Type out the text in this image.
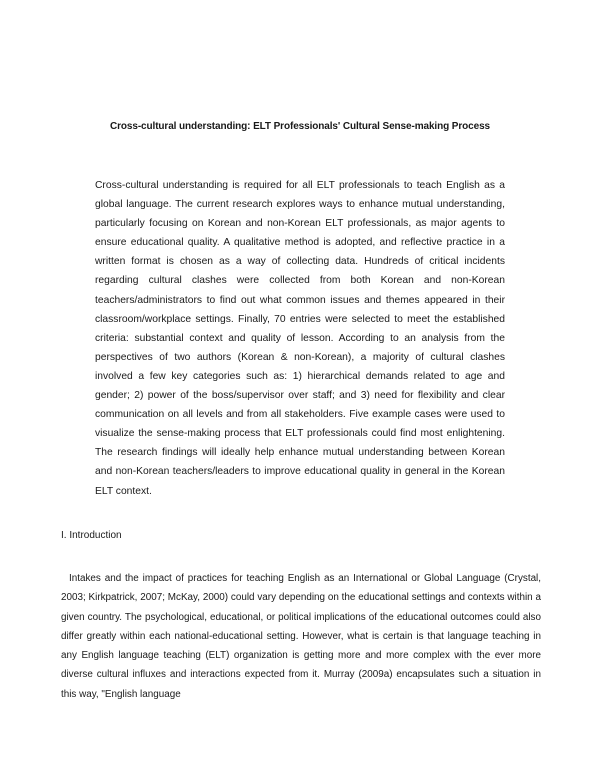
Cross-cultural understanding: ELT Professionals' Cultural Sense-making Process

Cross-cultural understanding is required for all ELT professionals to teach English as a global language. The current research explores ways to enhance mutual understanding, particularly focusing on Korean and non-Korean ELT professionals, as major agents to ensure educational quality. A qualitative method is adopted, and reflective practice in a written format is chosen as a way of collecting data. Hundreds of critical incidents regarding cultural clashes were collected from both Korean and non-Korean teachers/administrators to find out what common issues and themes appeared in their classroom/workplace settings. Finally, 70 entries were selected to meet the established criteria: substantial context and quality of lesson. According to an analysis from the perspectives of two authors (Korean & non-Korean), a majority of cultural clashes involved a few key categories such as: 1) hierarchical demands related to age and gender; 2) power of the boss/supervisor over staff; and 3) need for flexibility and clear communication on all levels and from all stakeholders. Five example cases were used to visualize the sense-making process that ELT professionals could find most enlightening. The research findings will ideally help enhance mutual understanding between Korean and non-Korean teachers/leaders to improve educational quality in general in the Korean ELT context.

I. Introduction

Intakes and the impact of practices for teaching English as an International or Global Language (Crystal, 2003; Kirkpatrick, 2007; McKay, 2000) could vary depending on the educational settings and contexts within a given country. The psychological, educational, or political implications of the educational outcomes could also differ greatly within each national-educational setting. However, what is certain is that language teaching in any English language teaching (ELT) organization is getting more and more complex with the ever more diverse cultural influxes and interactions expected from it. Murray (2009a) encapsulates such a situation in this way, "English language
